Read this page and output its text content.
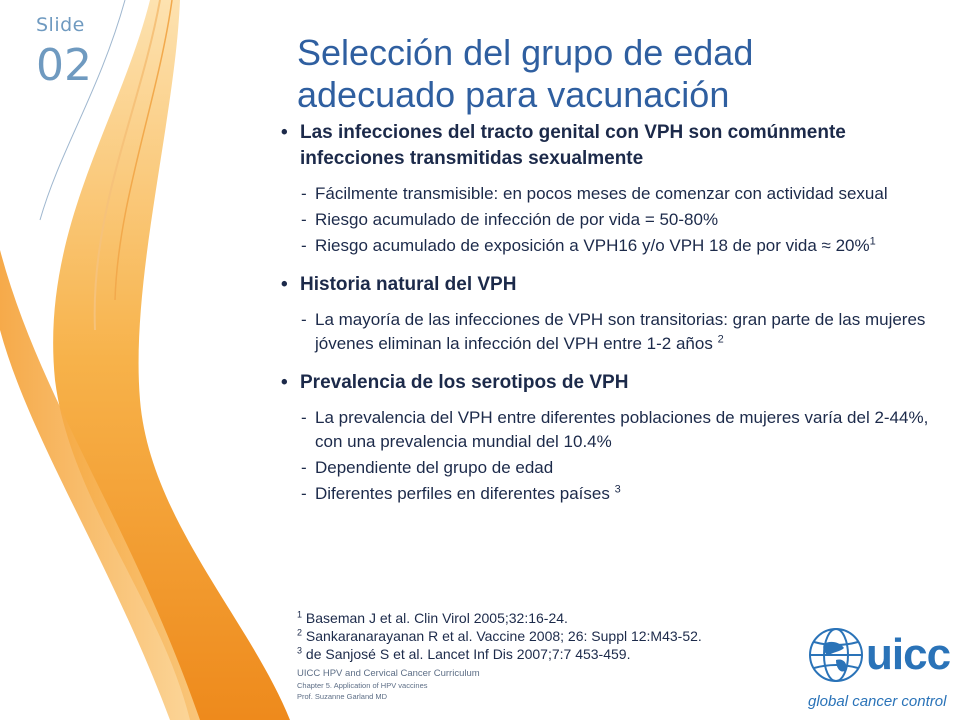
Slide
02	Selección del grupo de edad
adecuado para vacunación
• Las infecciones del tracto genital con VPH son comúnmente infecciones transmitidas sexualmente
- Fácilmente transmisible: en pocos meses de comenzar con actividad sexual
- Riesgo acumulado de infección de por vida = 50-80%
- Riesgo acumulado de exposición a VPH16 y/o VPH 18 de por vida ≈ 20%$^1$
• Historia natural del VPH
- La mayoría de las infecciones de VPH son transitorias: gran parte de las mujeres jóvenes eliminan la infección del VPH entre 1-2 años $^2$
• Prevalencia de los serotipos de VPH
- La prevalencia del VPH entre diferentes poblaciones de mujeres varía del 2-44%, con una prevalencia mundial del 10.4%
- Dependiente del grupo de edad
- Diferentes perfiles en diferentes países $^3$
$^1$ Baseman J et al. Clin Virol 2005;32:16-24.
$^2$ Sankaranarayanan R et al. Vaccine 2008; 26: Suppl 12:M43-52.
$^3$ de Sanjosé S et al. Lancet Inf Dis 2007;7:7 453-459.
UICC HPV and Cervical Cancer Curriculum
Chapter 5. Application of HPV vaccines
Prof. Suzanne Garland MD
uicc
global cancer control
